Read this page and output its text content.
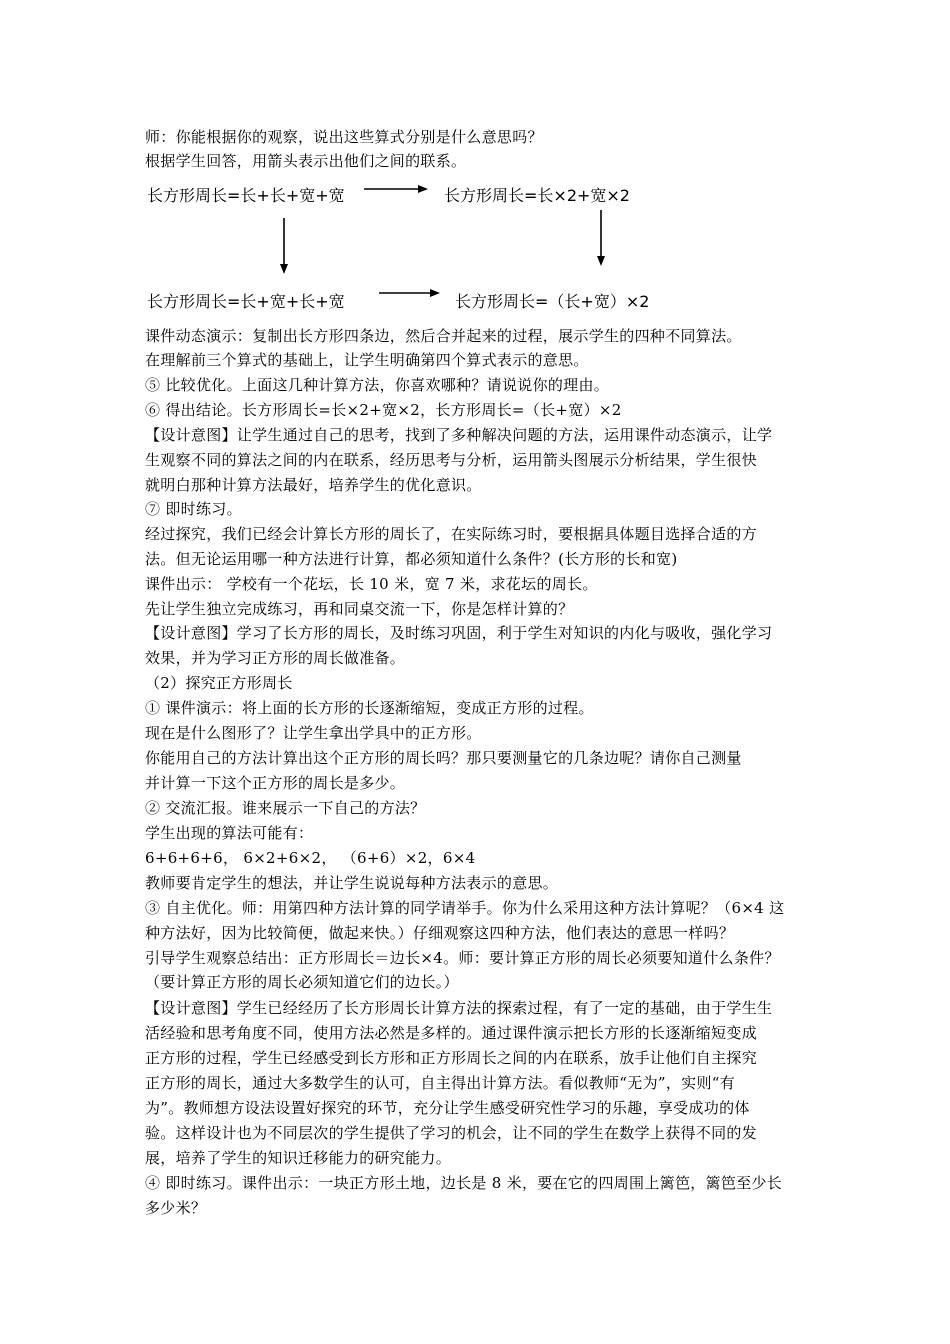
师：你能根据你的观察，说出这些算式分别是什么意思吗？
根据学生回答，用箭头表示出他们之间的联系。
长方形周长=长+长+宽+宽	长方形周长=长×2+宽×2
长方形周长=长+宽+长+宽	长方形周长=（长+宽）×2
课件动态演示：复制出长方形四条边，然后合并起来的过程，展示学生的四种不同算法。
在理解前三个算式的基础上，让学生明确第四个算式表示的意思。
⑤ 比较优化。上面这几种计算方法，你喜欢哪种？请说说你的理由。
⑥ 得出结论。长方形周长=长×2+宽×2，长方形周长=（长+宽）×2
【设计意图】让学生通过自己的思考，找到了多种解决问题的方法，运用课件动态演示，让学
生观察不同的算法之间的内在联系，经历思考与分析，运用箭头图展示分析结果，学生很快
就明白那种计算方法最好，培养学生的优化意识。
⑦ 即时练习。
经过探究，我们已经会计算长方形的周长了，在实际练习时，要根据具体题目选择合适的方
法。但无论运用哪一种方法进行计算，都必须知道什么条件？(长方形的长和宽)
课件出示： 学校有一个花坛，长 10 米，宽 7 米，求花坛的周长。
先让学生独立完成练习，再和同桌交流一下，你是怎样计算的？
【设计意图】学习了长方形的周长，及时练习巩固，利于学生对知识的内化与吸收，强化学习
效果，并为学习正方形的周长做准备。
（2）探究正方形周长
① 课件演示：将上面的长方形的长逐渐缩短，变成正方形的过程。
现在是什么图形了？让学生拿出学具中的正方形。
你能用自己的方法计算出这个正方形的周长吗？那只要测量它的几条边呢？请你自己测量
并计算一下这个正方形的周长是多少。
② 交流汇报。谁来展示一下自己的方法？
学生出现的算法可能有：
6+6+6+6， 6×2+6×2， （6+6）×2，6×4
教师要肯定学生的想法，并让学生说说每种方法表示的意思。
③ 自主优化。师：用第四种方法计算的同学请举手。你为什么采用这种方法计算呢？（6×4 这
种方法好，因为比较简便，做起来快。）仔细观察这四种方法，他们表达的意思一样吗？
引导学生观察总结出：正方形周长＝边长×4。师：要计算正方形的周长必须要知道什么条件？
（要计算正方形的周长必须知道它们的边长。）
【设计意图】学生已经经历了长方形周长计算方法的探索过程，有了一定的基础，由于学生生
活经验和思考角度不同，使用方法必然是多样的。通过课件演示把长方形的长逐渐缩短变成
正方形的过程，学生已经感受到长方形和正方形周长之间的内在联系，放手让他们自主探究
正方形的周长，通过大多数学生的认可，自主得出计算方法。看似教师“无为”，实则“有
为”。教师想方设法设置好探究的环节，充分让学生感受研究性学习的乐趣，享受成功的体
验。这样设计也为不同层次的学生提供了学习的机会，让不同的学生在数学上获得不同的发
展，培养了学生的知识迁移能力的研究能力。
④ 即时练习。课件出示：一块正方形土地，边长是 8 米，要在它的四周围上篱笆，篱笆至少长
多少米？
